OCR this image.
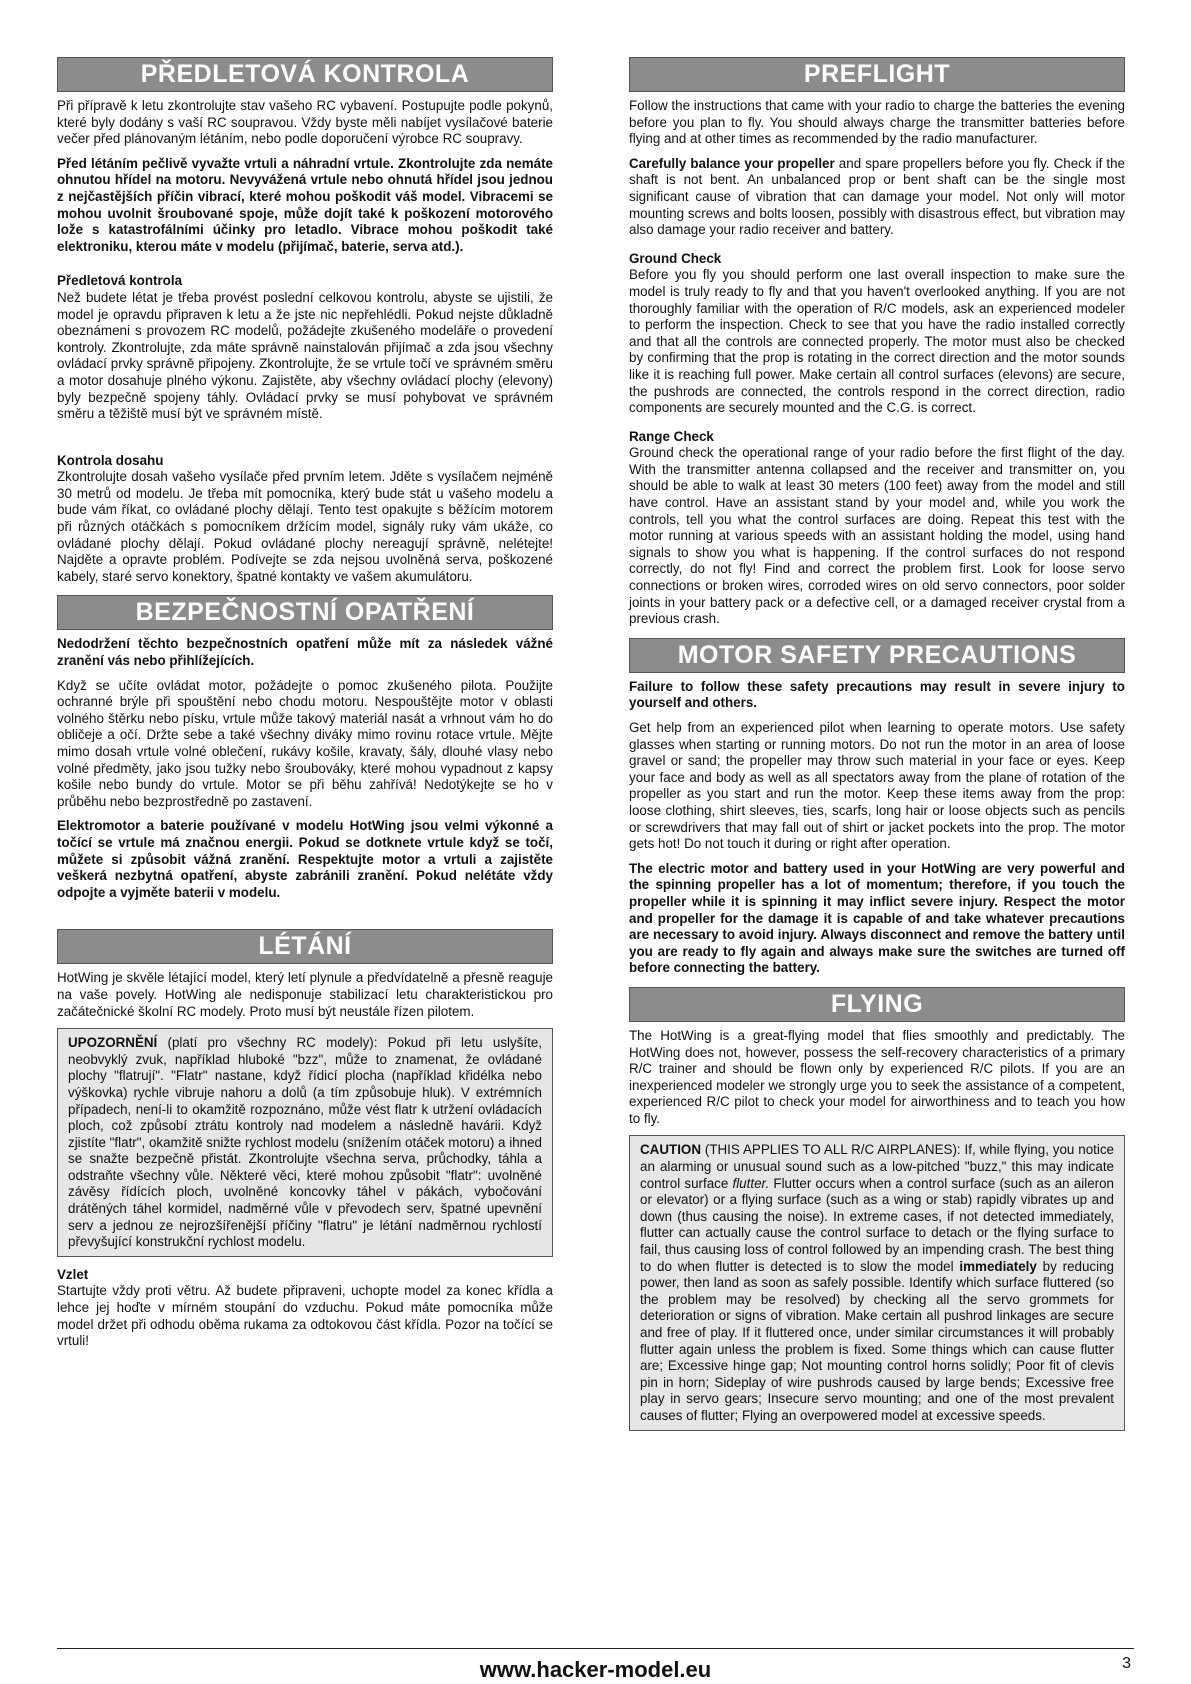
PŘEDLETOVÁ KONTROLA

Při přípravě k letu zkontrolujte stav vašeho RC vybavení. Postupujte podle pokynů, které byly dodány s vaší RC soupravou. Vždy byste měli nabíjet vysílačové baterie večer před plánovaným létáním, nebo podle doporučení výrobce RC soupravy.

Před létáním pečlivě vyvažte vrtuli a náhradní vrtule. Zkontrolujte zda nemáte ohnutou hřídel na motoru. Nevyvážená vrtule nebo ohnutá hřídel jsou jednou z nejčastějších příčin vibrací, které mohou poškodit váš model. Vibracemi se mohou uvolnit šroubované spoje, může dojít také k poškození motorového lože s katastrofálními účinky pro letadlo. Vibrace mohou poškodit také elektroniku, kterou máte v modelu (přijímač, baterie, serva atd.).

Předletová kontrola

Než budete létat je třeba provést poslední celkovou kontrolu, abyste se ujistili, že model je opravdu připraven k letu a že jste nic nepřehlédli. Pokud nejste důkladně obeznámeni s provozem RC modelů, požádejte zkušeného modeláře o provedení kontroly. Zkontrolujte, zda máte správně nainstalován přijímač a zda jsou všechny ovládací prvky správně připojeny. Zkontrolujte, že se vrtule točí ve správném směru a motor dosahuje plného výkonu. Zajistěte, aby všechny ovládací plochy (elevony) byly bezpečně spojeny táhly. Ovládací prvky se musí pohybovat ve správném směru a těžiště musí být ve správném místě.

Kontrola dosahu

Zkontrolujte dosah vašeho vysílače před prvním letem. Jděte s vysílačem nejméně 30 metrů od modelu. Je třeba mít pomocníka, který bude stát u vašeho modelu a bude vám říkat, co ovládané plochy dělají. Tento test opakujte s běžícím motorem při různých otáčkách s pomocníkem držícím model, signály ruky vám ukáže, co ovládané plochy dělají. Pokud ovládané plochy nereagují správně, nelétejte! Najděte a opravte problém. Podívejte se zda nejsou uvolněná serva, poškozené kabely, staré servo konektory, špatné kontakty ve vašem akumulátoru.

BEZPEČNOSTNÍ OPATŘENÍ

Nedodržení těchto bezpečnostních opatření může mít za následek vážné zranění vás nebo přihlížejících.

Když se učíte ovládat motor, požádejte o pomoc zkušeného pilota. Použijte ochranné brýle při spouštění nebo chodu motoru. Nespouštějte motor v oblasti volného štěrku nebo písku, vrtule může takový materiál nasát a vrhnout vám ho do obličeje a očí. Držte sebe a také všechny diváky mimo rovinu rotace vrtule. Mějte mimo dosah vrtule volné oblečení, rukávy košile, kravaty, šály, dlouhé vlasy nebo volné předměty, jako jsou tužky nebo šroubováky, které mohou vypadnout z kapsy košile nebo bundy do vrtule. Motor se při běhu zahřívá! Nedotýkejte se ho v průběhu nebo bezprostředně po zastavení.

Elektromotor a baterie používané v modelu HotWing jsou velmi výkonné a točící se vrtule má značnou energii. Pokud se dotknete vrtule když se točí, můžete si způsobit vážná zranění. Respektujte motor a vrtuli a zajistěte veškerá nezbytná opatření, abyste zabránili zranění. Pokud nelétáte vždy odpojte a vyjměte baterii v modelu.

LÉTÁNÍ

HotWing je skvěle létající model, který letí plynule a předvídatelně a přesně reaguje na vaše povely. HotWing ale nedisponuje stabilizací letu charakteristickou pro začátečnické školní RC modely. Proto musí být neustále řízen pilotem.

UPOZORNĚNÍ (platí pro všechny RC modely): Pokud při letu uslyšíte, neobvyklý zvuk, například hluboké "bzz", může to znamenat, že ovládané plochy "flatrují". "Flatr" nastane, když řídicí plocha (například křidélka nebo výškovka) rychle vibruje nahoru a dolů (a tím způsobuje hluk). V extrémních případech, není-li to okamžitě rozpoznáno, může vést flatr k utržení ovládacích ploch, což způsobí ztrátu kontroly nad modelem a následně havárii. Když zjistíte "flatr", okamžitě snižte rychlost modelu (snížením otáček motoru) a ihned se snažte bezpečně přistát. Zkontrolujte všechna serva, průchodky, táhla a odstraňte všechny vůle. Některé věci, které mohou způsobit "flatr": uvolněné závěsy řídících ploch, uvolněné koncovky táhel v pákách, vybočování drátěných táhel kormidel, nadměrné vůle v převodech serv, špatné upevnění serv a jednou ze nejrozšířenější příčiny "flatru" je létání nadměrnou rychlostí převyšující konstrukční rychlost modelu.

Vzlet

Startujte vždy proti větru. Až budete připraveni, uchopte model za konec křídla a lehce jej hoďte v mírném stoupání do vzduchu. Pokud máte pomocníka může model držet při odhodu oběma rukama za odtokovou část křídla. Pozor na točící se vrtuli!

PREFLIGHT

Follow the instructions that came with your radio to charge the batteries the evening before you plan to fly. You should always charge the transmitter batteries before flying and at other times as recommended by the radio manufacturer.

Carefully balance your propeller and spare propellers before you fly. Check if the shaft is not bent. An unbalanced prop or bent shaft can be the single most significant cause of vibration that can damage your model. Not only will motor mounting screws and bolts loosen, possibly with disastrous effect, but vibration may also damage your radio receiver and battery.

Ground Check

Before you fly you should perform one last overall inspection to make sure the model is truly ready to fly and that you haven't overlooked anything. If you are not thoroughly familiar with the operation of R/C models, ask an experienced modeler to perform the inspection. Check to see that you have the radio installed correctly and that all the controls are connected properly. The motor must also be checked by confirming that the prop is rotating in the correct direction and the motor sounds like it is reaching full power. Make certain all control surfaces (elevons) are secure, the pushrods are connected, the controls respond in the correct direction, radio components are securely mounted and the C.G. is correct.

Range Check

Ground check the operational range of your radio before the first flight of the day. With the transmitter antenna collapsed and the receiver and transmitter on, you should be able to walk at least 30 meters (100 feet) away from the model and still have control. Have an assistant stand by your model and, while you work the controls, tell you what the control surfaces are doing. Repeat this test with the motor running at various speeds with an assistant holding the model, using hand signals to show you what is happening. If the control surfaces do not respond correctly, do not fly! Find and correct the problem first. Look for loose servo connections or broken wires, corroded wires on old servo connectors, poor solder joints in your battery pack or a defective cell, or a damaged receiver crystal from a previous crash.

MOTOR SAFETY PRECAUTIONS

Failure to follow these safety precautions may result in severe injury to yourself and others.

Get help from an experienced pilot when learning to operate motors. Use safety glasses when starting or running motors. Do not run the motor in an area of loose gravel or sand; the propeller may throw such material in your face or eyes. Keep your face and body as well as all spectators away from the plane of rotation of the propeller as you start and run the motor. Keep these items away from the prop: loose clothing, shirt sleeves, ties, scarfs, long hair or loose objects such as pencils or screwdrivers that may fall out of shirt or jacket pockets into the prop. The motor gets hot! Do not touch it during or right after operation.

The electric motor and battery used in your HotWing are very powerful and the spinning propeller has a lot of momentum; therefore, if you touch the propeller while it is spinning it may inflict severe injury. Respect the motor and propeller for the damage it is capable of and take whatever precautions are necessary to avoid injury. Always disconnect and remove the battery until you are ready to fly again and always make sure the switches are turned off before connecting the battery.

FLYING

The HotWing is a great-flying model that flies smoothly and predictably. The HotWing does not, however, possess the self-recovery characteristics of a primary R/C trainer and should be flown only by experienced R/C pilots. If you are an inexperienced modeler we strongly urge you to seek the assistance of a competent, experienced R/C pilot to check your model for airworthiness and to teach you how to fly.

CAUTION (THIS APPLIES TO ALL R/C AIRPLANES): If, while flying, you notice an alarming or unusual sound such as a low-pitched "buzz," this may indicate control surface flutter. Flutter occurs when a control surface (such as an aileron or elevator) or a flying surface (such as a wing or stab) rapidly vibrates up and down (thus causing the noise). In extreme cases, if not detected immediately, flutter can actually cause the control surface to detach or the flying surface to fail, thus causing loss of control followed by an impending crash. The best thing to do when flutter is detected is to slow the model immediately by reducing power, then land as soon as safely possible. Identify which surface fluttered (so the problem may be resolved) by checking all the servo grommets for deterioration or signs of vibration. Make certain all pushrod linkages are secure and free of play. If it fluttered once, under similar circumstances it will probably flutter again unless the problem is fixed. Some things which can cause flutter are; Excessive hinge gap; Not mounting control horns solidly; Poor fit of clevis pin in horn; Sideplay of wire pushrods caused by large bends; Excessive free play in servo gears; Insecure servo mounting; and one of the most prevalent causes of flutter; Flying an overpowered model at excessive speeds.

www.hacker-model.eu	3
